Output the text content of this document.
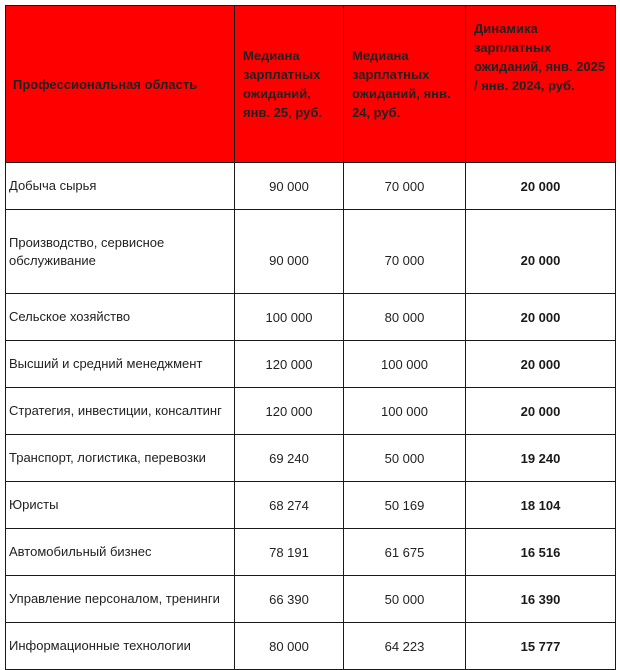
Профессиональная область	Медиана зарплатных ожиданий, янв. 25, руб.	Медиана зарплатных ожиданий, янв. 24, руб.	Динамика зарплатных ожиданий, янв. 2025 / янв. 2024, руб.
Добыча сырья	90 000	70 000	20 000
Производство, сервисное обслуживание	90 000	70 000	20 000
Сельское хозяйство	100 000	80 000	20 000
Высший и средний менеджмент	120 000	100 000	20 000
Стратегия, инвестиции, консалтинг	120 000	100 000	20 000
Транспорт, логистика, перевозки	69 240	50 000	19 240
Юристы	68 274	50 169	18 104
Автомобильный бизнес	78 191	61 675	16 516
Управление персоналом, тренинги	66 390	50 000	16 390
Информационные технологии	80 000	64 223	15 777
